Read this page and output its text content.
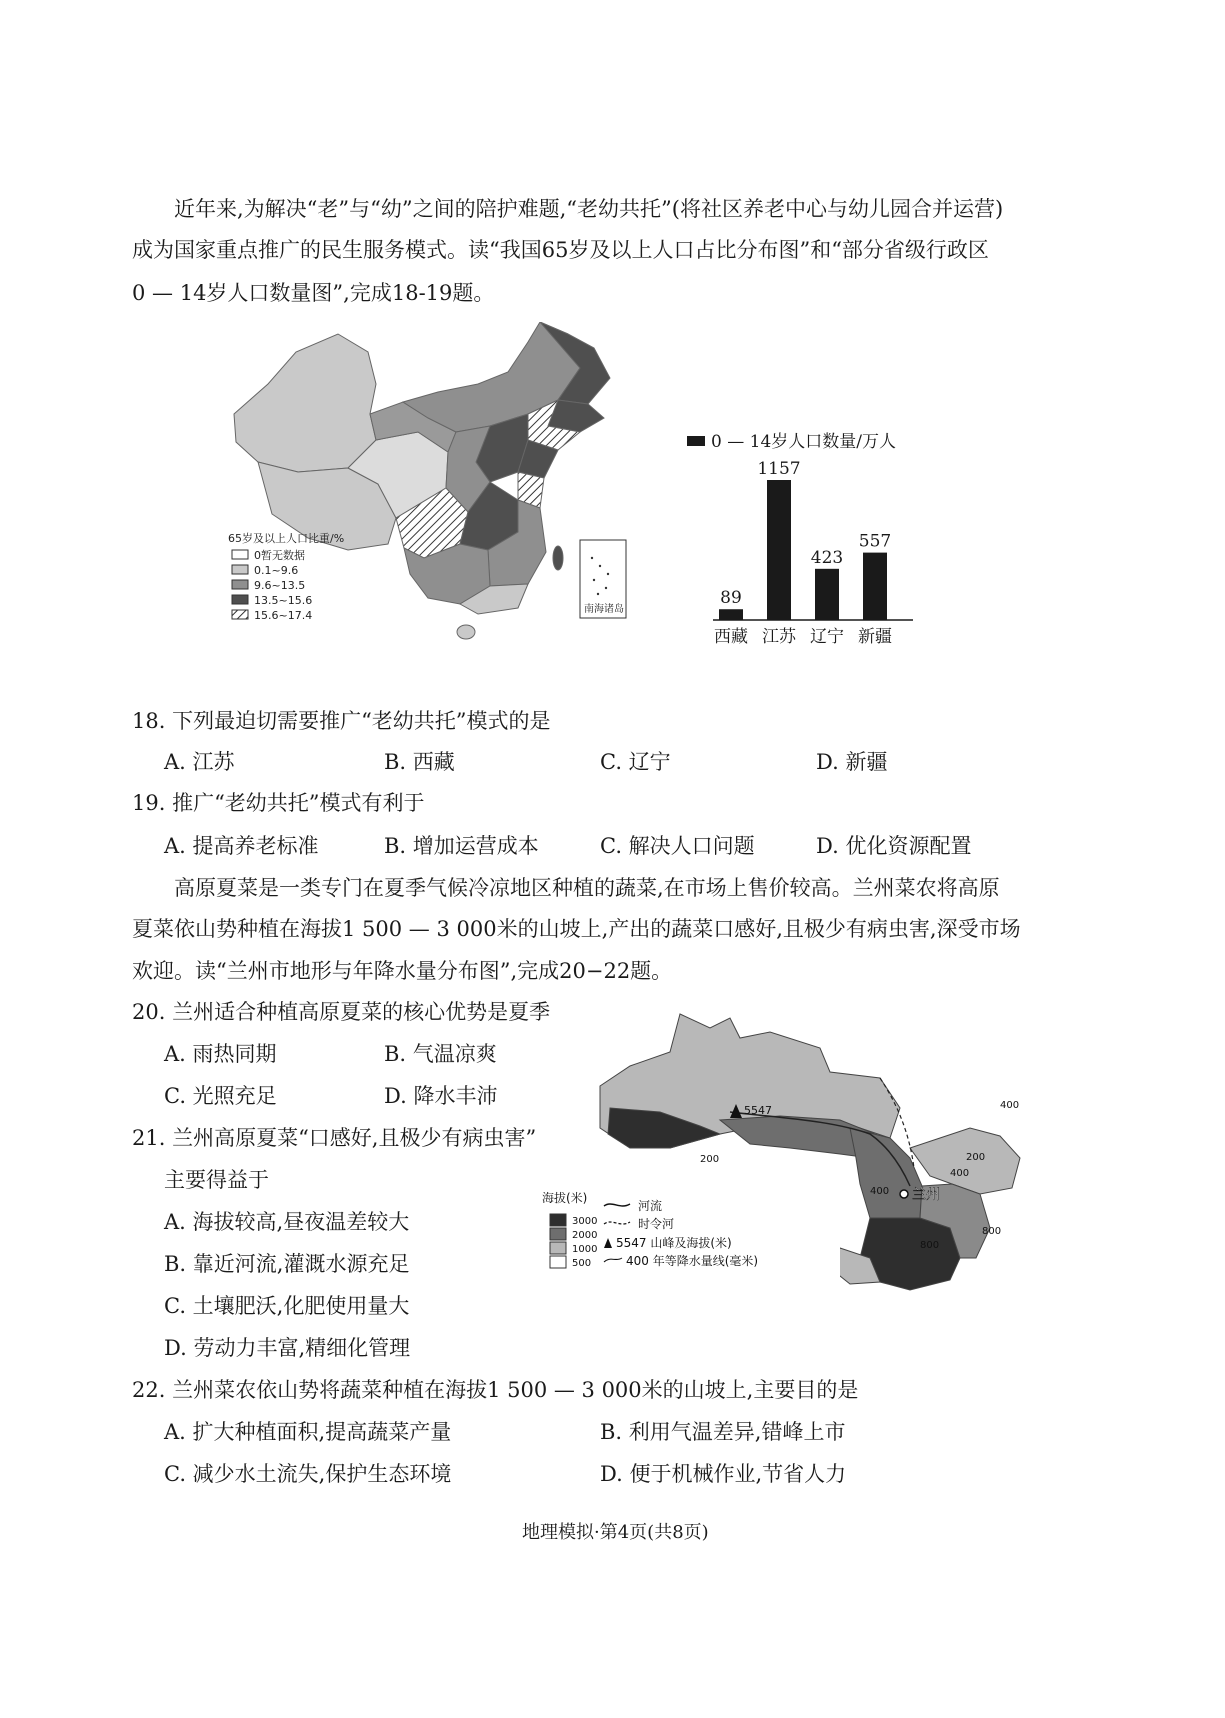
近年来,为解决“老”与“幼”之间的陪护难题,“老幼共托”(将社区养老中心与幼儿园合并运营)
成为国家重点推广的民生服务模式。读“我国65岁及以上人口占比分布图”和“部分省级行政区
0 — 14岁人口数量图”,完成18-19题。
南海诸岛
65岁及以上人口比重/%
0暂无数据
0.1~9.6
9.6~13.5
13.5~15.6
15.6~17.4
0 — 14岁人口数量/万人
89
西藏
1157
江苏
423
辽宁
557
新疆
18. 下列最迫切需要推广“老幼共托”模式的是
A. 江苏	B. 西藏	C. 辽宁	D. 新疆
19. 推广“老幼共托”模式有利于
A. 提高养老标准	B. 增加运营成本	C. 解决人口问题	D. 优化资源配置
高原夏菜是一类专门在夏季气候冷凉地区种植的蔬菜,在市场上售价较高。兰州菜农将高原
夏菜依山势种植在海拔1 500 — 3 000米的山坡上,产出的蔬菜口感好,且极少有病虫害,深受市场
欢迎。读“兰州市地形与年降水量分布图”,完成20−22题。
20. 兰州适合种植高原夏菜的核心优势是夏季
A. 雨热同期	B. 气温凉爽
C. 光照充足	D. 降水丰沛
21. 兰州高原夏菜“口感好,且极少有病虫害”
主要得益于
A. 海拔较高,昼夜温差较大
B. 靠近河流,灌溉水源充足
C. 土壤肥沃,化肥使用量大
D. 劳动力丰富,精细化管理
5547
兰州
400
200
400
200
400
800
800
海拔(米)
3000
2000
1000
500
河流
时令河
5547 山峰及海拔(米)
400 年等降水量线(毫米)
22. 兰州菜农依山势将蔬菜种植在海拔1 500 — 3 000米的山坡上,主要目的是
A. 扩大种植面积,提高蔬菜产量	B. 利用气温差异,错峰上市
C. 减少水土流失,保护生态环境	D. 便于机械作业,节省人力
地理模拟·第4页(共8页)
